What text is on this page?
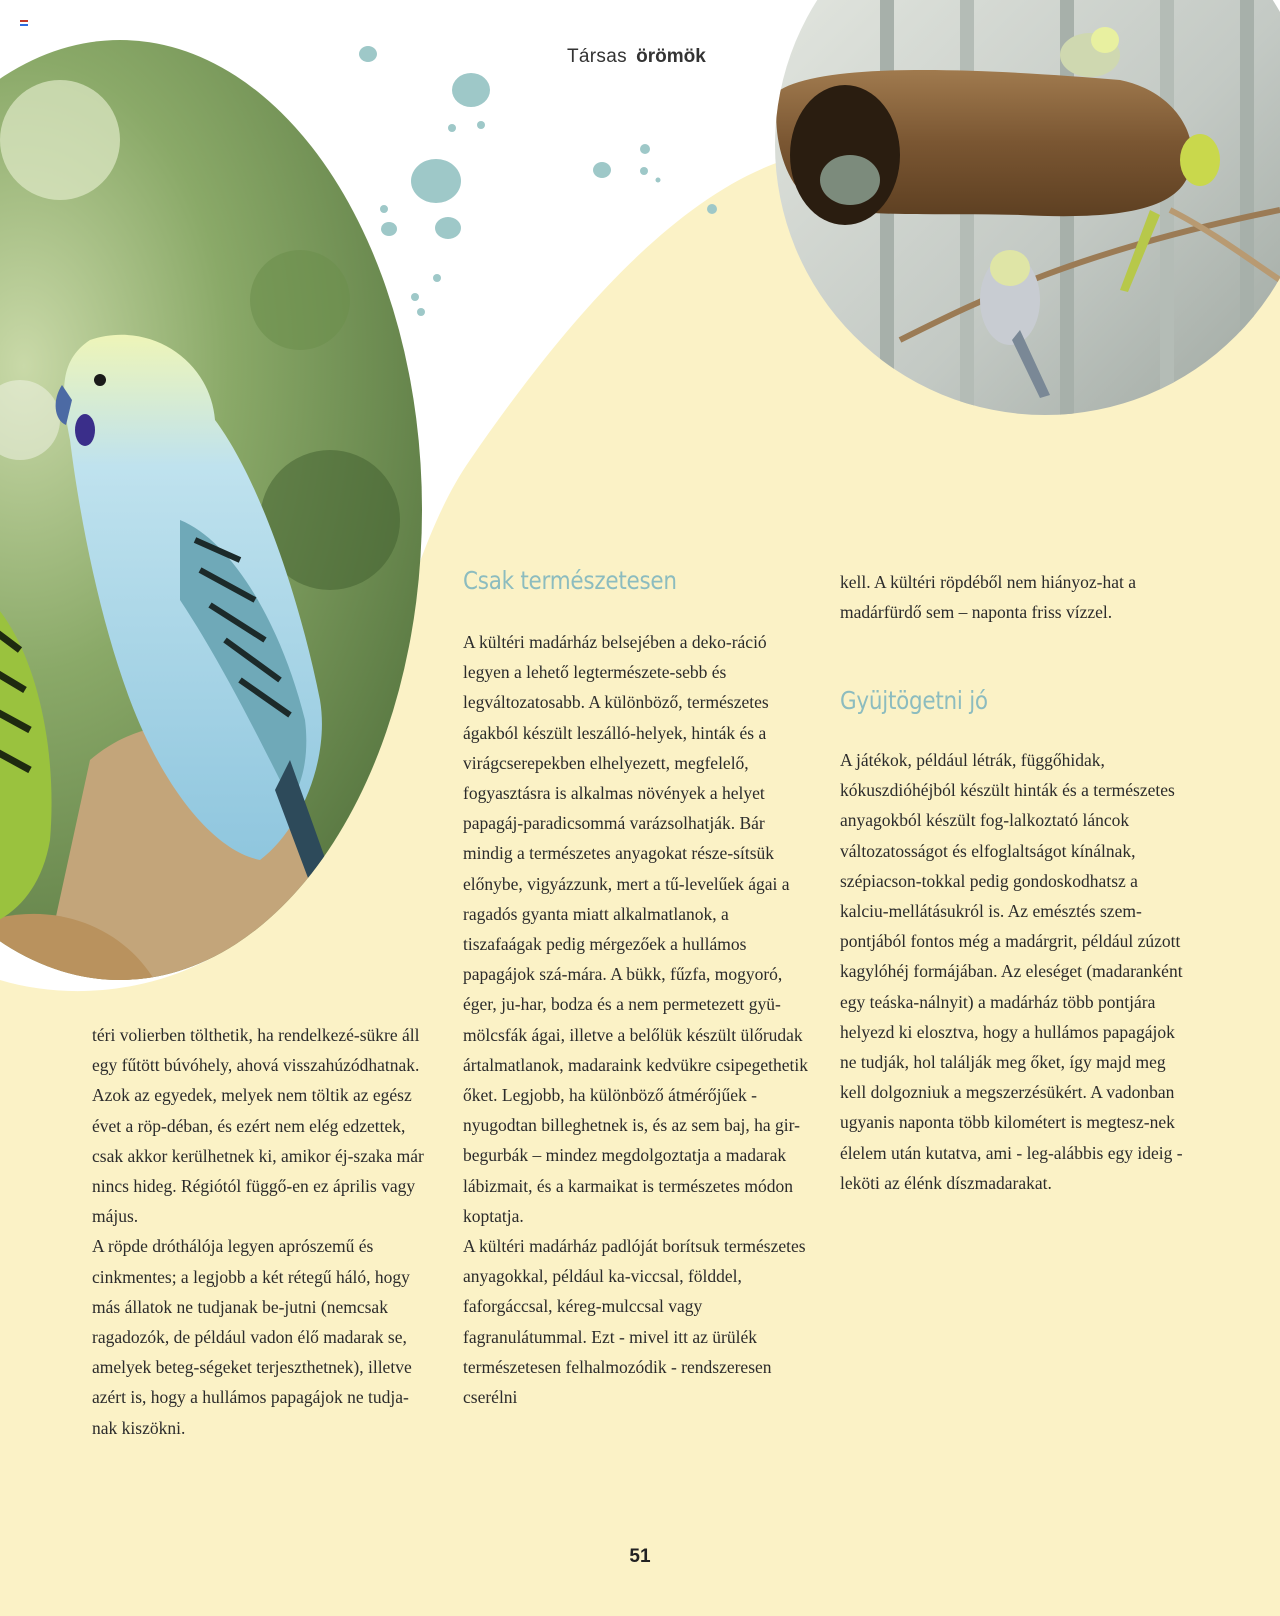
Társas örömök

téri volierben tölthetik, ha rendelkezé-sükre áll egy fűtött búvóhely, ahová visszahúzódhatnak. Azok az egyedek, melyek nem töltik az egész évet a röp-déban, és ezért nem elég edzettek, csak akkor kerülhetnek ki, amikor éj-szaka már nincs hideg. Régiótól függő-en ez április vagy május.

A röpde dróthálója legyen aprószemű és cinkmentes; a legjobb a két rétegű háló, hogy más állatok ne tudjanak be-jutni (nemcsak ragadozók, de például vadon élő madarak se, amelyek beteg-ségeket terjeszthetnek), illetve azért is, hogy a hullámos papagájok ne tudja-nak kiszökni.

Csak természetesen

A kültéri madárház belsejében a deko-ráció legyen a lehető legtermészete-sebb és legváltozatosabb. A különböző, természetes ágakból készült leszálló-helyek, hinták és a virágcserepekben elhelyezett, megfelelő, fogyasztásra is alkalmas növények a helyet papagáj-paradicsommá varázsolhatják. Bár mindig a természetes anyagokat része-sítsük előnybe, vigyázzunk, mert a tű-levelűek ágai a ragadós gyanta miatt alkalmatlanok, a tiszafaágak pedig mérgezőek a hullámos papagájok szá-mára. A bükk, fűzfa, mogyoró, éger, ju-har, bodza és a nem permetezett gyü-mölcsfák ágai, illetve a belőlük készült ülőrudak ártalmatlanok, madaraink kedvükre csipegethetik őket. Legjobb, ha különböző átmérőjűek - nyugodtan billeghetnek is, és az sem baj, ha gir-begurbák – mindez megdolgoztatja a madarak lábizmait, és a karmaikat is természetes módon koptatja.

A kültéri madárház padlóját borítsuk természetes anyagokkal, például ka-viccsal, földdel, faforgáccsal, kéreg-mulccsal vagy fagranulátummal. Ezt - mivel itt az ürülék természetesen felhalmozódik - rendszeresen cserélni

kell. A kültéri röpdéből nem hiányoz-hat a madárfürdő sem – naponta friss vízzel.

Gyüjtögetni jó

A játékok, például létrák, függőhidak, kókuszdióhéjból készült hinták és a természetes anyagokból készült fog-lalkoztató láncok változatosságot és elfoglaltságot kínálnak, szépiacson-tokkal pedig gondoskodhatsz a kalciu-mellátásukról is. Az emésztés szem-pontjából fontos még a madárgrit, például zúzott kagylóhéj formájában. Az eleséget (madaranként egy teáska-nálnyit) a madárház több pontjára helyezd ki elosztva, hogy a hullámos papagájok ne tudják, hol találják meg őket, így majd meg kell dolgozniuk a megszerzésükért. A vadonban ugyanis naponta több kilométert is megtesz-nek élelem után kutatva, ami - leg-alábbis egy ideig - leköti az élénk díszmadarakat.

51
